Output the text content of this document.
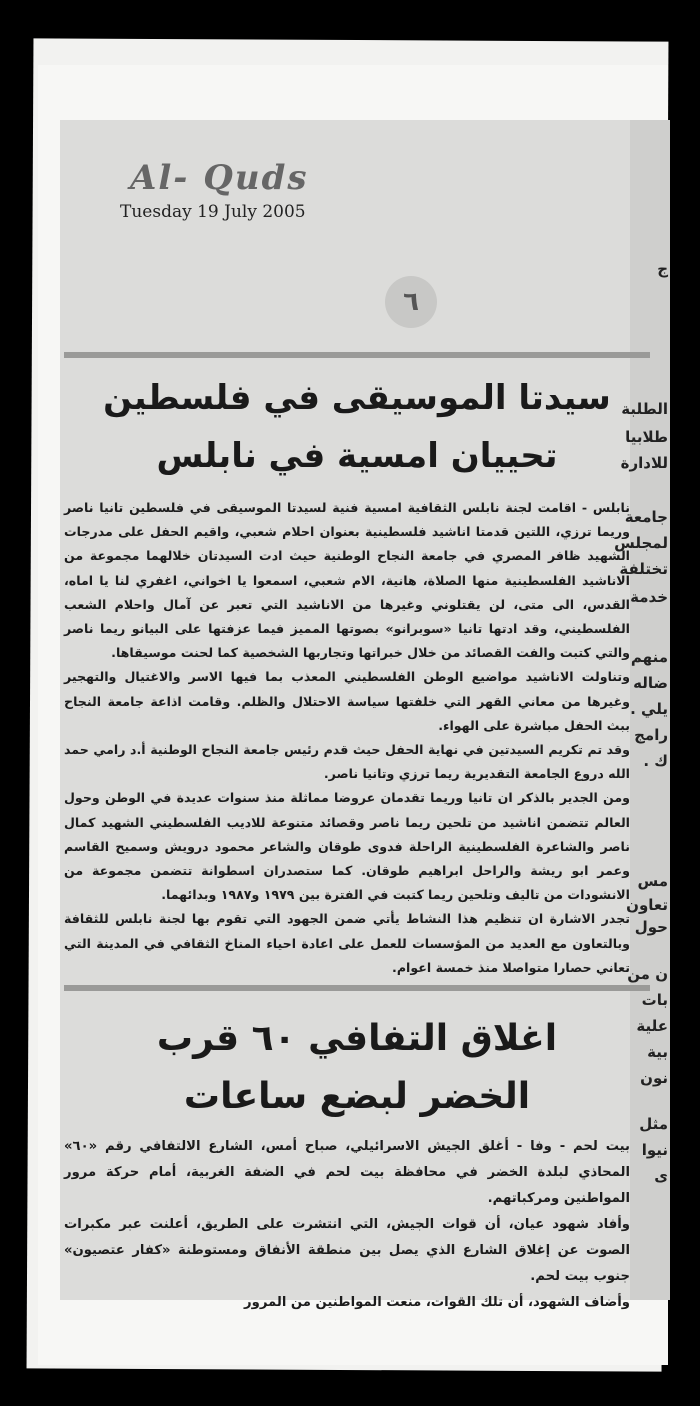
ج
الطلبة
طلابيا
للادارة
جامعة
لمجلس
تختلفة
خدمة
منهم
ضاله
يلي .
رامج
ك .
مس
تعاون
حول
ن من
بات
علية
بية
نون
مثل
نيوا
ى
Al- Quds
Tuesday 19 July 2005
٦
سيدتا الموسيقى في فلسطين
تحييان امسية في نابلس

نابلس - اقامت لجنة نابلس الثقافية امسية فنية لسيدتا الموسيقى في فلسطين تانيا ناصر وريما ترزي، اللتين قدمتا اناشيد فلسطينية بعنوان احلام شعبي، واقيم الحفل على مدرجات الشهيد ظافر المصري في جامعة النجاح الوطنية حيث ادت السيدتان خلالهما مجموعة من الاناشيد الفلسطينية منها الصلاة، هانية، الام شعبي، اسمعوا يا اخواني، اغفري لنا يا اماه، القدس، الى متى، لن يقتلوني وغيرها من الاناشيد التي تعبر عن آمال واحلام الشعب الفلسطيني، وقد ادتها تانيا «سوبرانو» بصوتها المميز فيما عزفتها على البيانو ريما ناصر والتي كتبت والفت القصائد من خلال خبراتها وتجاربها الشخصية كما لحنت موسيقاها.

وتناولت الاناشيد مواضيع الوطن الفلسطيني المعذب بما فيها الاسر والاغتيال والتهجير وغيرها من معاني القهر التي خلفتها سياسة الاحتلال والظلم. وقامت اذاعة جامعة النجاح ببث الحفل مباشرة على الهواء.

وقد تم تكريم السيدتين في نهاية الحفل حيث قدم رئيس جامعة النجاح الوطنية أ.د رامي حمد الله دروع الجامعة التقديرية ريما ترزي وتانيا ناصر.

ومن الجدير بالذكر ان تانيا وريما تقدمان عروضا مماثلة منذ سنوات عديدة في الوطن وحول العالم تتضمن اناشيد من تلحين ريما ناصر وقصائد متنوعة للاديب الفلسطيني الشهيد كمال ناصر والشاعرة الفلسطينية الراحلة فدوى طوقان والشاعر محمود درويش وسميح القاسم وعمر ابو ريشة والراحل ابراهيم طوقان. كما ستصدران اسطوانة تتضمن مجموعة من الانشودات من تاليف وتلحين ريما كتبت في الفترة بين ١٩٧٩ و١٩٨٧ وبدائهما.

تجدر الاشارة ان تنظيم هذا النشاط يأتي ضمن الجهود التي تقوم بها لجنة نابلس للثقافة وبالتعاون مع العديد من المؤسسات للعمل على اعادة احياء المناخ الثقافي في المدينة التي تعاني حصارا متواصلا منذ خمسة اعوام.

اغلاق التفافي ٦٠ قرب
الخضر لبضع ساعات

بيت لحم - وفا - أغلق الجيش الاسرائيلي، صباح أمس، الشارع الالتفافي رقم «٦٠» المحاذي لبلدة الخضر في محافظة بيت لحم في الضفة الغربية، أمام حركة مرور المواطنين ومركباتهم.

وأفاد شهود عيان، أن قوات الجيش، التي انتشرت على الطريق، أعلنت عبر مكبرات الصوت عن إغلاق الشارع الذي يصل بين منطقة الأنفاق ومستوطنة «كفار عتصيون» جنوب بيت لحم.

وأضاف الشهود، أن تلك القوات، منعت المواطنين من المرور
